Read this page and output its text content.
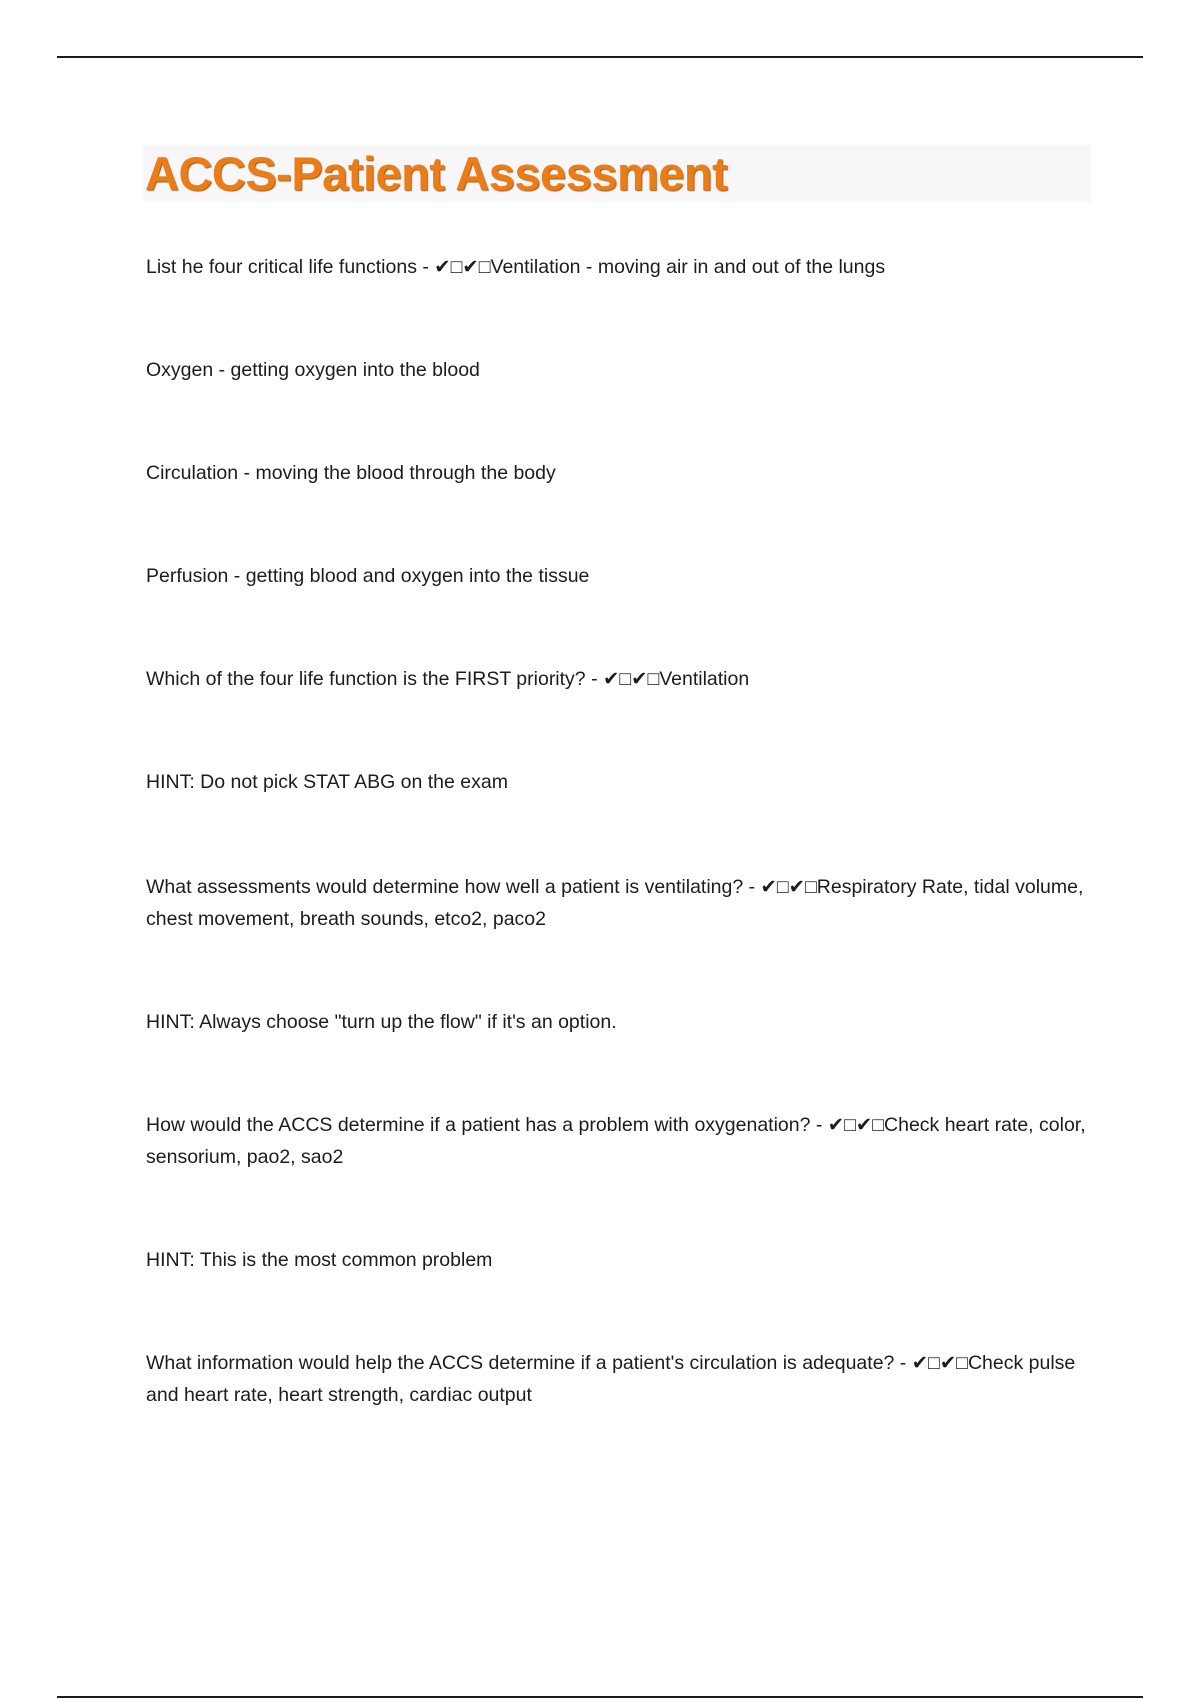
ACCS-Patient Assessment

List he four critical life functions - ✔□✔□Ventilation - moving air in and out of the lungs

Oxygen - getting oxygen into the blood

Circulation - moving the blood through the body

Perfusion - getting blood and oxygen into the tissue

Which of the four life function is the FIRST priority? - ✔□✔□Ventilation

HINT: Do not pick STAT ABG on the exam

What assessments would determine how well a patient is ventilating? - ✔□✔□Respiratory Rate, tidal volume, chest movement, breath sounds, etco2, paco2

HINT: Always choose "turn up the flow" if it's an option.

How would the ACCS determine if a patient has a problem with oxygenation? - ✔□✔□Check heart rate, color, sensorium, pao2, sao2

HINT: This is the most common problem

What information would help the ACCS determine if a patient's circulation is adequate? - ✔□✔□Check pulse and heart rate, heart strength, cardiac output
